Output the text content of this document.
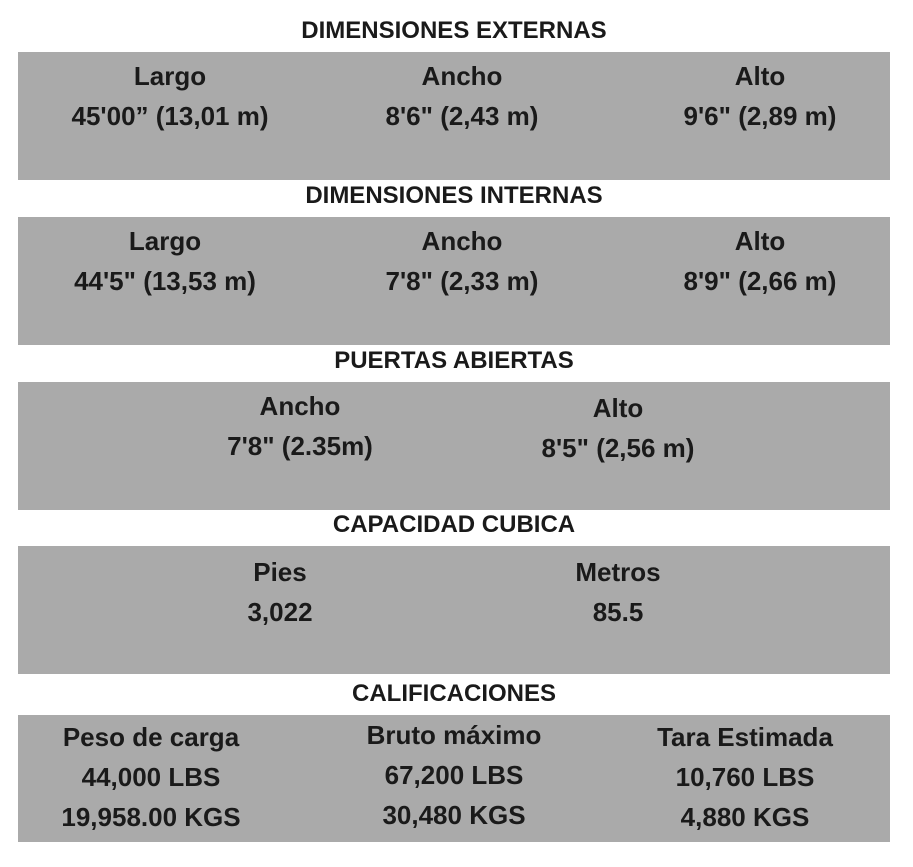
DIMENSIONES EXTERNAS
Largo
45'00” (13,01 m)
Ancho
8'6" (2,43 m)
Alto
9'6" (2,89 m)
DIMENSIONES INTERNAS
Largo
44'5" (13,53 m)
Ancho
7'8" (2,33 m)
Alto
8'9" (2,66 m)
PUERTAS ABIERTAS
Ancho
7'8" (2.35m)
Alto
8'5" (2,56 m)
CAPACIDAD CUBICA
Pies
3,022
Metros
85.5
CALIFICACIONES
Peso de carga
44,000 LBS
19,958.00 KGS
Bruto máximo
67,200 LBS
30,480 KGS
Tara Estimada
10,760 LBS
4,880 KGS
